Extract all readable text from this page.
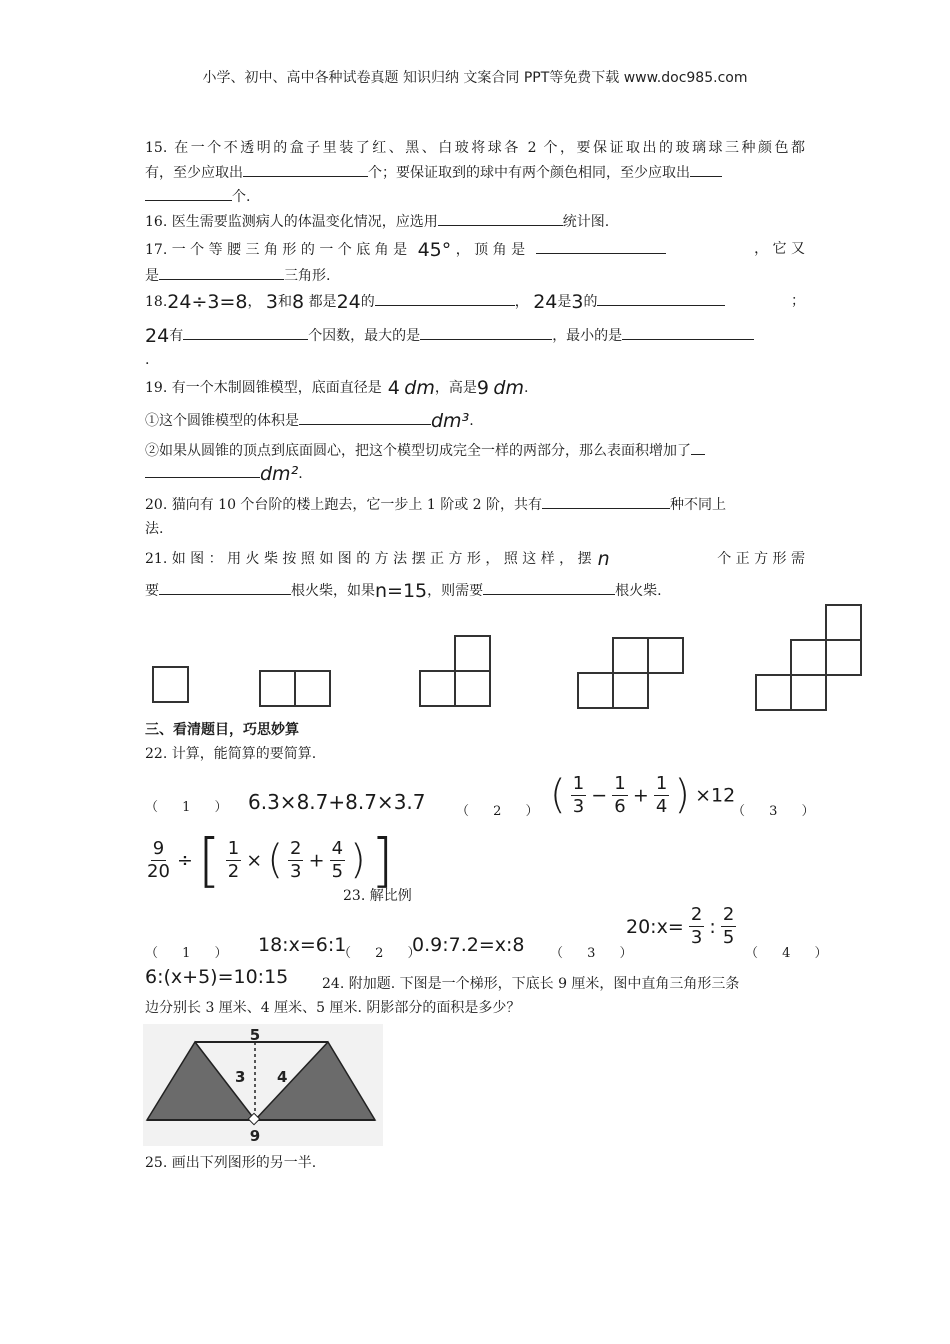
小学、初中、高中各种试卷真题 知识归纳 文案合同 PPT等免费下载 www.doc985.com
15. 在一个不透明的盒子里装了红、黑、白玻将球各 2 个，要保证取出的玻璃球三种颜色都
有，至少应取出	个；要保证取到的球中有两个颜色相同，至少应取出
个.
16. 医生需要监测病人的体温变化情况，应选用	统计图.
17. 一 个 等 腰 三 角 形 的 一 个 底 角 是 45° ， 顶 角 是	， 它 又
是	三角形.
18.24÷3=8， 3和8 都是24的	， 24是3的	；
24有	个因数，最大的是	，最小的是
.
19. 有一个木制圆锥模型，底面直径是 4 dm，高是9 dm.
①这个圆锥模型的体积是	dm³.
②如果从圆锥的顶点到底面圆心，把这个模型切成完全一样的两部分，那么表面积增加了
dm².
20. 猫向有 10 个台阶的楼上跑去，它一步上 1 阶或 2 阶，共有	种不同上
法.
21. 如 图 ： 用 火 柴 按 照 如 图 的 方 法 摆 正 方 形 ， 照 这 样 ， 摆 n	个 正 方 形 需
要	根火柴，如果n=15，则需要	根火柴.
三、看清题目，巧思妙算
22. 计算，能简算的要简算.
（ 1 ） 6.3×8.7+8.7×3.7 （ 2 ） ( $\frac{1}{3} - \frac{1}{6} + \frac{1}{4}$ ) ×12
（ 3 ）
$\frac{9}{20}$ ÷ [ $\frac{1}{2}$ × ( $\frac{2}{3} + \frac{4}{5}$ ) ]
23. 解比例
（ 1 ） 18:x=6:1
（ 2 ）
0.9:7.2=x:8 （ 3 ）
20:x= $\frac{2}{3}$ : $\frac{2}{5}$
（ 4 ）
6:(x+5)=10:15 24. 附加题. 下图是一个梯形，下底长 9 厘米，图中直角三角形三条
边分别长 3 厘米、4 厘米、5 厘米. 阴影部分的面积是多少？
5
3 4
9
25. 画出下列图形的另一半.
